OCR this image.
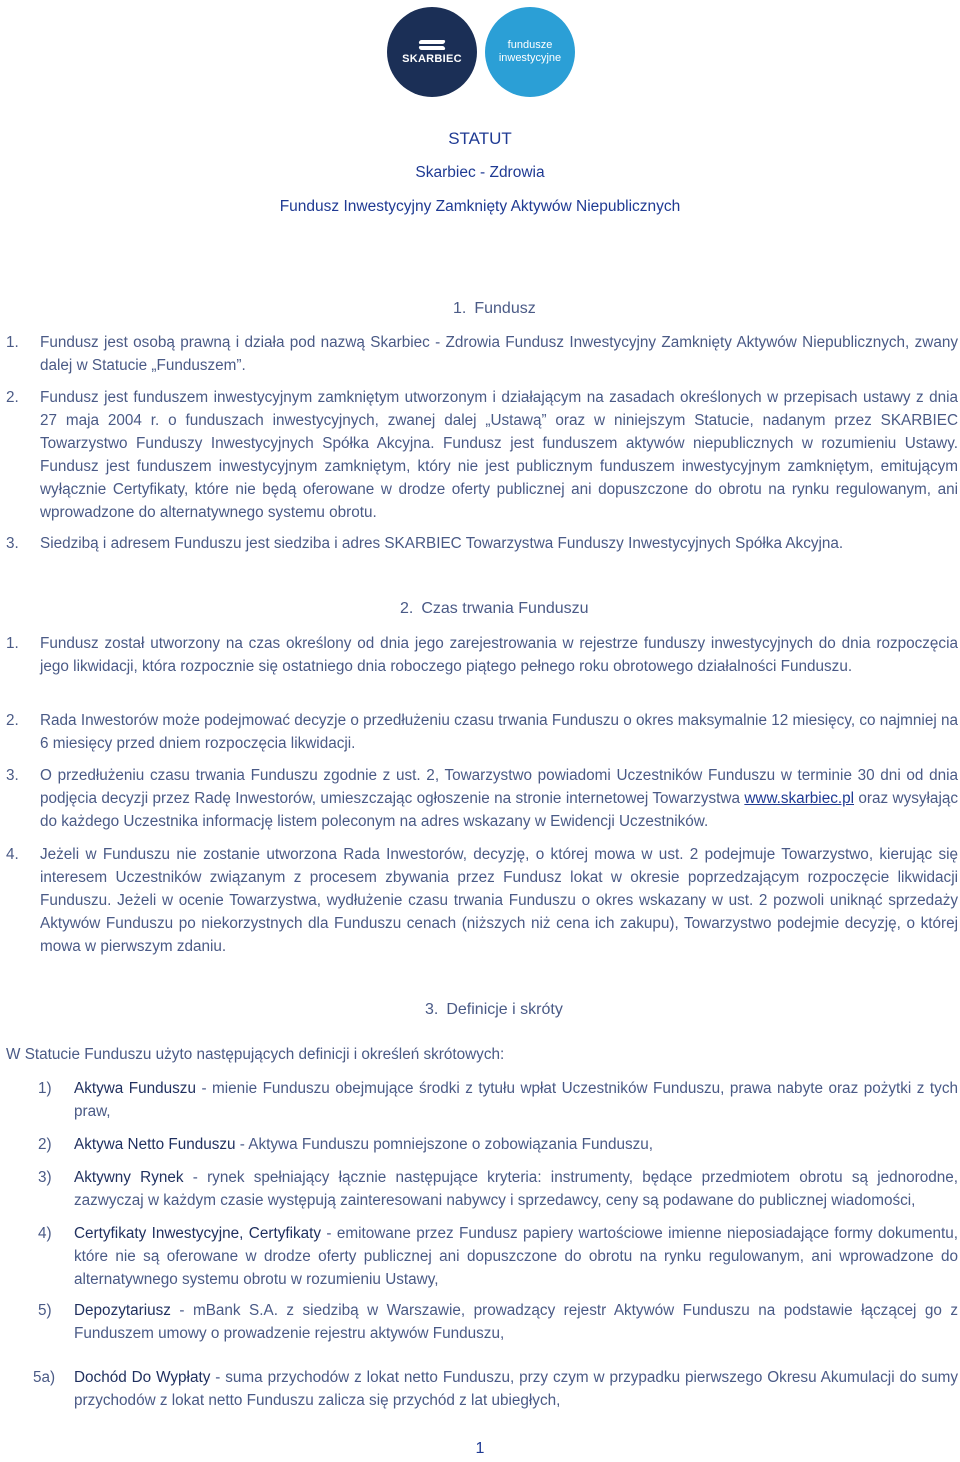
SKARBIEC
fundusze
inwestycyjne
STATUT
Skarbiec - Zdrowia
Fundusz Inwestycyjny Zamknięty Aktywów Niepublicznych
1. Fundusz
1. Fundusz jest osobą prawną i działa pod nazwą Skarbiec - Zdrowia Fundusz Inwestycyjny Zamknięty Aktywów Niepublicznych, zwany dalej w Statucie „Funduszem”.
2. Fundusz jest funduszem inwestycyjnym zamkniętym utworzonym i działającym na zasadach określonych w przepisach ustawy z dnia 27 maja 2004 r. o funduszach inwestycyjnych, zwanej dalej „Ustawą” oraz w niniejszym Statucie, nadanym przez SKARBIEC Towarzystwo Funduszy Inwestycyjnych Spółka Akcyjna. Fundusz jest funduszem aktywów niepublicznych w rozumieniu Ustawy. Fundusz jest funduszem inwestycyjnym zamkniętym, który nie jest publicznym funduszem inwestycyjnym zamkniętym, emitującym wyłącznie Certyfikaty, które nie będą oferowane w drodze oferty publicznej ani dopuszczone do obrotu na rynku regulowanym, ani wprowadzone do alternatywnego systemu obrotu.
3. Siedzibą i adresem Funduszu jest siedziba i adres SKARBIEC Towarzystwa Funduszy Inwestycyjnych Spółka Akcyjna.
2. Czas trwania Funduszu
1. Fundusz został utworzony na czas określony od dnia jego zarejestrowania w rejestrze funduszy inwestycyjnych do dnia rozpoczęcia jego likwidacji, która rozpocznie się ostatniego dnia roboczego piątego pełnego roku obrotowego działalności Funduszu.
2. Rada Inwestorów może podejmować decyzje o przedłużeniu czasu trwania Funduszu o okres maksymalnie 12 miesięcy, co najmniej na 6 miesięcy przed dniem rozpoczęcia likwidacji.
3. O przedłużeniu czasu trwania Funduszu zgodnie z ust. 2, Towarzystwo powiadomi Uczestników Funduszu w terminie 30 dni od dnia podjęcia decyzji przez Radę Inwestorów, umieszczając ogłoszenie na stronie internetowej Towarzystwa www.skarbiec.pl oraz wysyłając do każdego Uczestnika informację listem poleconym na adres wskazany w Ewidencji Uczestników.
4. Jeżeli w Funduszu nie zostanie utworzona Rada Inwestorów, decyzję, o której mowa w ust. 2 podejmuje Towarzystwo, kierując się interesem Uczestników związanym z procesem zbywania przez Fundusz lokat w okresie poprzedzającym rozpoczęcie likwidacji Funduszu. Jeżeli w ocenie Towarzystwa, wydłużenie czasu trwania Funduszu o okres wskazany w ust. 2 pozwoli uniknąć sprzedaży Aktywów Funduszu po niekorzystnych dla Funduszu cenach (niższych niż cena ich zakupu), Towarzystwo podejmie decyzję, o której mowa w pierwszym zdaniu.
3. Definicje i skróty
W Statucie Funduszu użyto następujących definicji i określeń skrótowych:
1) Aktywa Funduszu - mienie Funduszu obejmujące środki z tytułu wpłat Uczestników Funduszu, prawa nabyte oraz pożytki z tych praw,
2) Aktywa Netto Funduszu - Aktywa Funduszu pomniejszone o zobowiązania Funduszu,
3) Aktywny Rynek - rynek spełniający łącznie następujące kryteria: instrumenty, będące przedmiotem obrotu są jednorodne, zazwyczaj w każdym czasie występują zainteresowani nabywcy i sprzedawcy, ceny są podawane do publicznej wiadomości,
4) Certyfikaty Inwestycyjne, Certyfikaty - emitowane przez Fundusz papiery wartościowe imienne nieposiadające formy dokumentu, które nie są oferowane w drodze oferty publicznej ani dopuszczone do obrotu na rynku regulowanym, ani wprowadzone do alternatywnego systemu obrotu w rozumieniu Ustawy,
5) Depozytariusz - mBank S.A. z siedzibą w Warszawie, prowadzący rejestr Aktywów Funduszu na podstawie łączącej go z Funduszem umowy o prowadzenie rejestru aktywów Funduszu,
5a) Dochód Do Wypłaty - suma przychodów z lokat netto Funduszu, przy czym w przypadku pierwszego Okresu Akumulacji do sumy przychodów z lokat netto Funduszu zalicza się przychód z lat ubiegłych,
1
